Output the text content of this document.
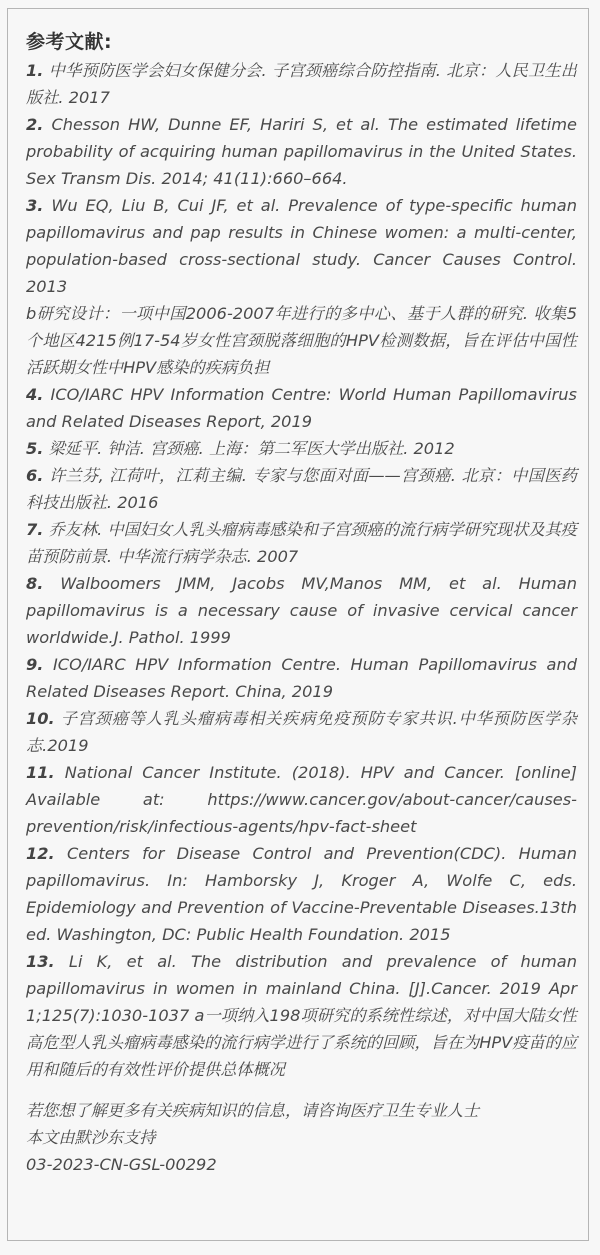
参考文献:

1. 中华预防医学会妇女保健分会. 子宫颈癌综合防控指南. 北京：人民卫生出版社. 2017

2. Chesson HW, Dunne EF, Hariri S, et al. The estimated lifetime probability of acquiring human papillomavirus in the United States. Sex Transm Dis. 2014; 41(11):660–664.

3. Wu EQ, Liu B, Cui JF, et al. Prevalence of type-specific human papillomavirus and pap results in Chinese women: a multi-center, population-based cross-sectional study. Cancer Causes Control. 2013

b研究设计：一项中国2006-2007年进行的多中心、基于人群的研究. 收集5个地区4215例17-54岁女性宫颈脱落细胞的HPV检测数据，旨在评估中国性活跃期女性中HPV感染的疾病负担

4. ICO/IARC HPV Information Centre: World Human Papillomavirus and Related Diseases Report, 2019

5. 梁延平. 钟洁. 宫颈癌. 上海：第二军医大学出版社. 2012

6. 许兰芬, 江荷叶，江莉主编. 专家与您面对面——宫颈癌. 北京：中国医药科技出版社. 2016

7. 乔友林. 中国妇女人乳头瘤病毒感染和子宫颈癌的流行病学研究现状及其疫苗预防前景. 中华流行病学杂志. 2007

8. Walboomers JMM, Jacobs MV,Manos MM, et al. Human papillomavirus is a necessary cause of invasive cervical cancer worldwide.J. Pathol. 1999

9. ICO/IARC HPV Information Centre. Human Papillomavirus and Related Diseases Report. China, 2019

10. 子宫颈癌等人乳头瘤病毒相关疾病免疫预防专家共识.中华预防医学杂志.2019

11. National Cancer Institute. (2018). HPV and Cancer. [online] Available at: https://www.cancer.gov/about-cancer/causes-prevention/risk/infectious-agents/hpv-fact-sheet

12. Centers for Disease Control and Prevention(CDC). Human papillomavirus. In: Hamborsky J, Kroger A, Wolfe C, eds. Epidemiology and Prevention of Vaccine-Preventable Diseases.13th ed. Washington, DC: Public Health Foundation. 2015

13. Li K, et al. The distribution and prevalence of human papillomavirus in women in mainland China. [J].Cancer. 2019 Apr 1;125(7):1030-1037 a一项纳入198项研究的系统性综述，对中国大陆女性高危型人乳头瘤病毒感染的流行病学进行了系统的回顾，旨在为HPV疫苗的应用和随后的有效性评价提供总体概况

若您想了解更多有关疾病知识的信息，请咨询医疗卫生专业人士

本文由默沙东支持

03-2023-CN-GSL-00292
